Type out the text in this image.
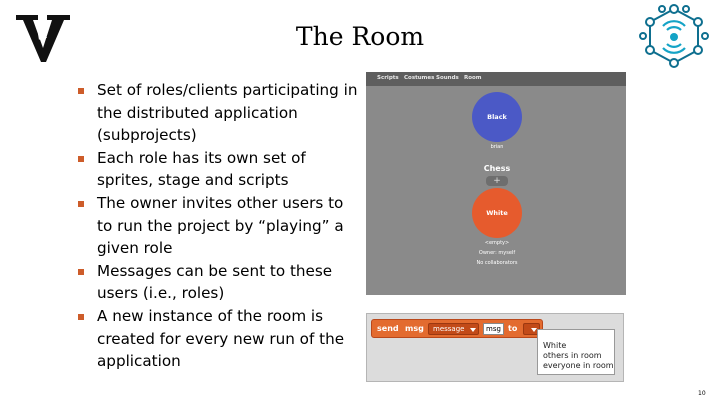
The Room
Set of roles/clients participating in the distributed application (subprojects)
Each role has its own set of sprites, stage and scripts
The owner invites other users to to run the project by “playing” a given role
Messages can be sent to these users (i.e., roles)
A new instance of the room is created for every new run of the application
Scripts Costumes Sounds Room
Black
brian
Chess
+
White
<empty>
Owner: myself
No collaborators
send msg message	msg to
White
others in room
everyone in room
10
